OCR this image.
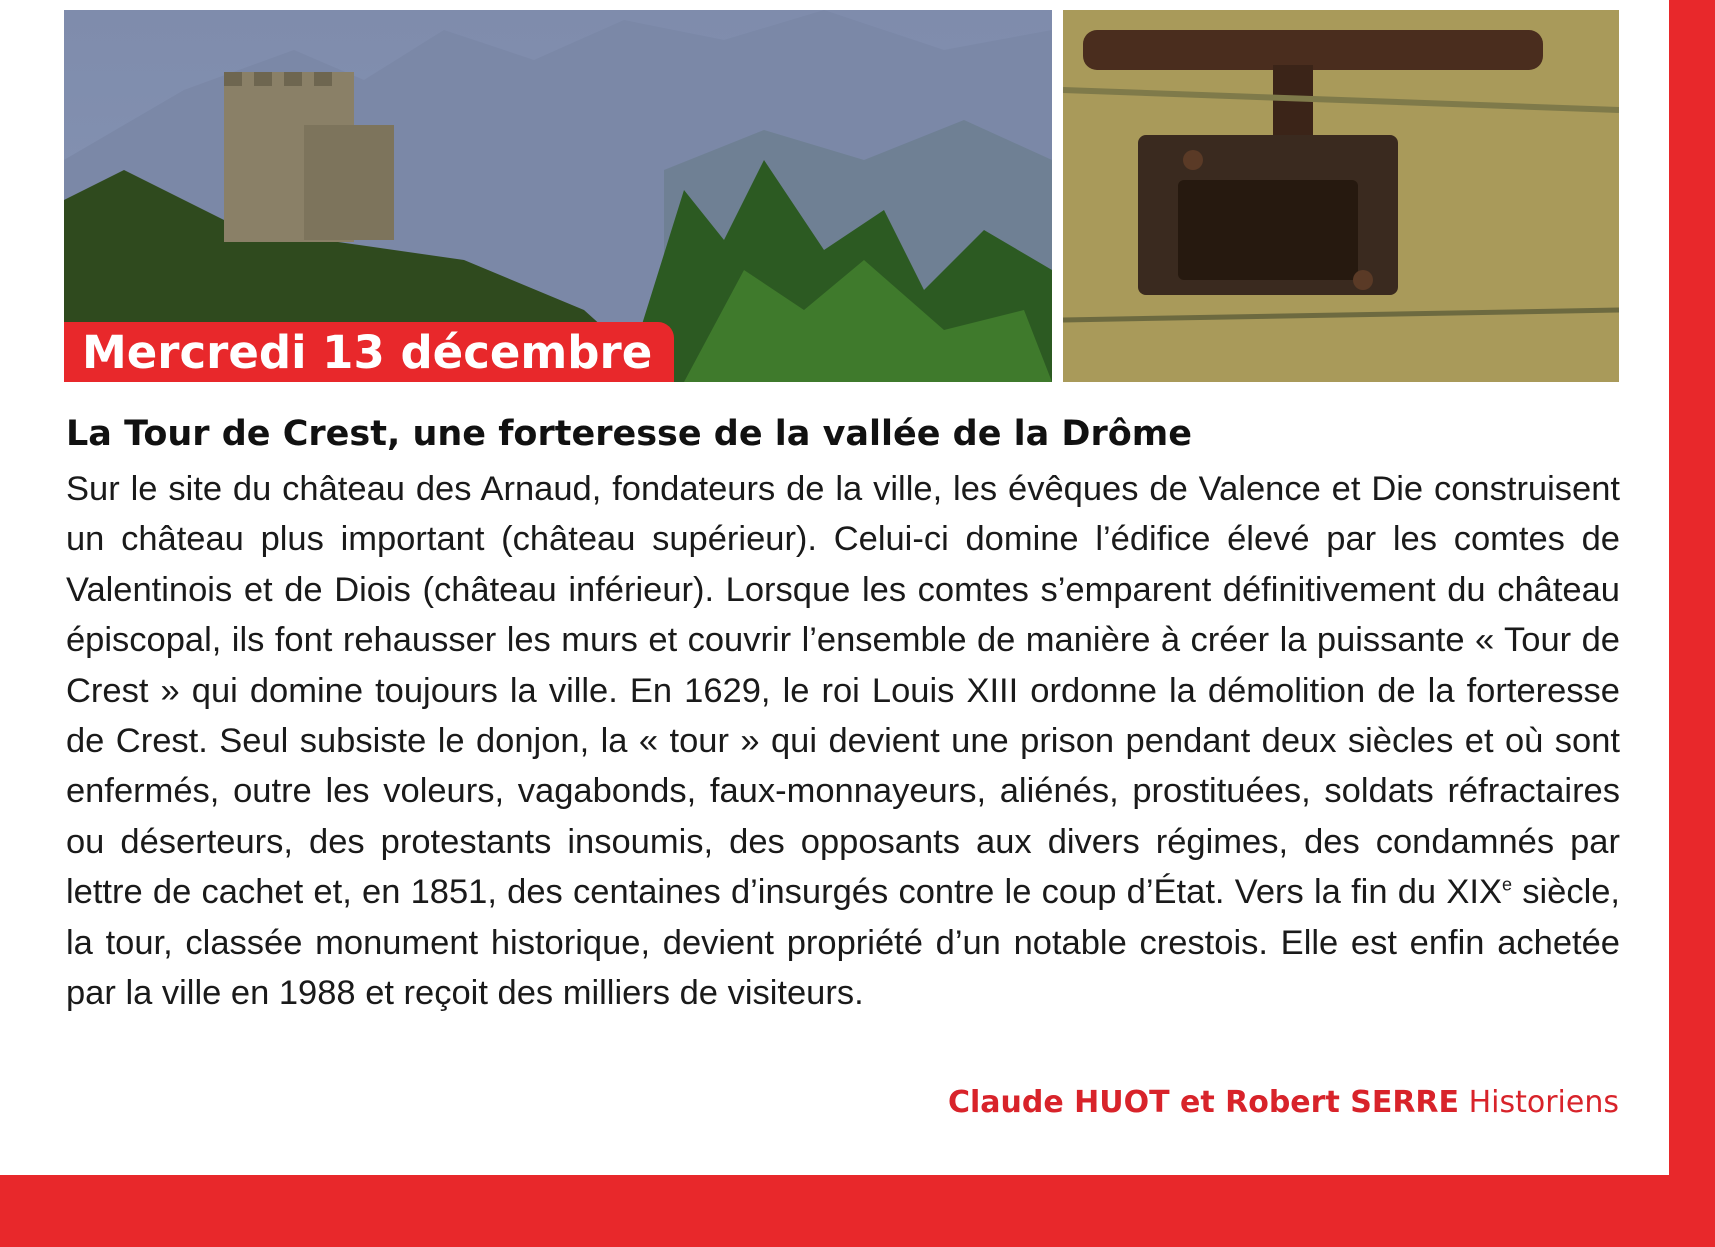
Mercredi 13 décembre
La Tour de Crest, une forteresse de la vallée de la Drôme

Sur le site du château des Arnaud, fondateurs de la ville, les évêques de Valence et Die construisent un château plus important (château supérieur). Celui-ci domine l’édifice élevé par les comtes de Valentinois et de Diois (château inférieur). Lorsque les comtes s’emparent définitivement du château épiscopal, ils font rehausser les murs et couvrir l’ensemble de manière à créer la puissante « Tour de Crest » qui domine toujours la ville. En 1629, le roi Louis XIII ordonne la démolition de la forteresse de Crest. Seul subsiste le donjon, la « tour » qui devient une prison pendant deux siècles et où sont enfermés, outre les voleurs, vagabonds, faux-monnayeurs, aliénés, prostituées, soldats réfractaires ou déserteurs, des protestants insoumis, des opposants aux divers régimes, des condamnés par lettre de cachet et, en 1851, des centaines d’insurgés contre le coup d’État. Vers la fin du XIXe siècle, la tour, classée monument historique, devient propriété d’un notable crestois. Elle est enfin achetée par la ville en 1988 et reçoit des milliers de visiteurs.

Claude HUOT et Robert SERRE Historiens
